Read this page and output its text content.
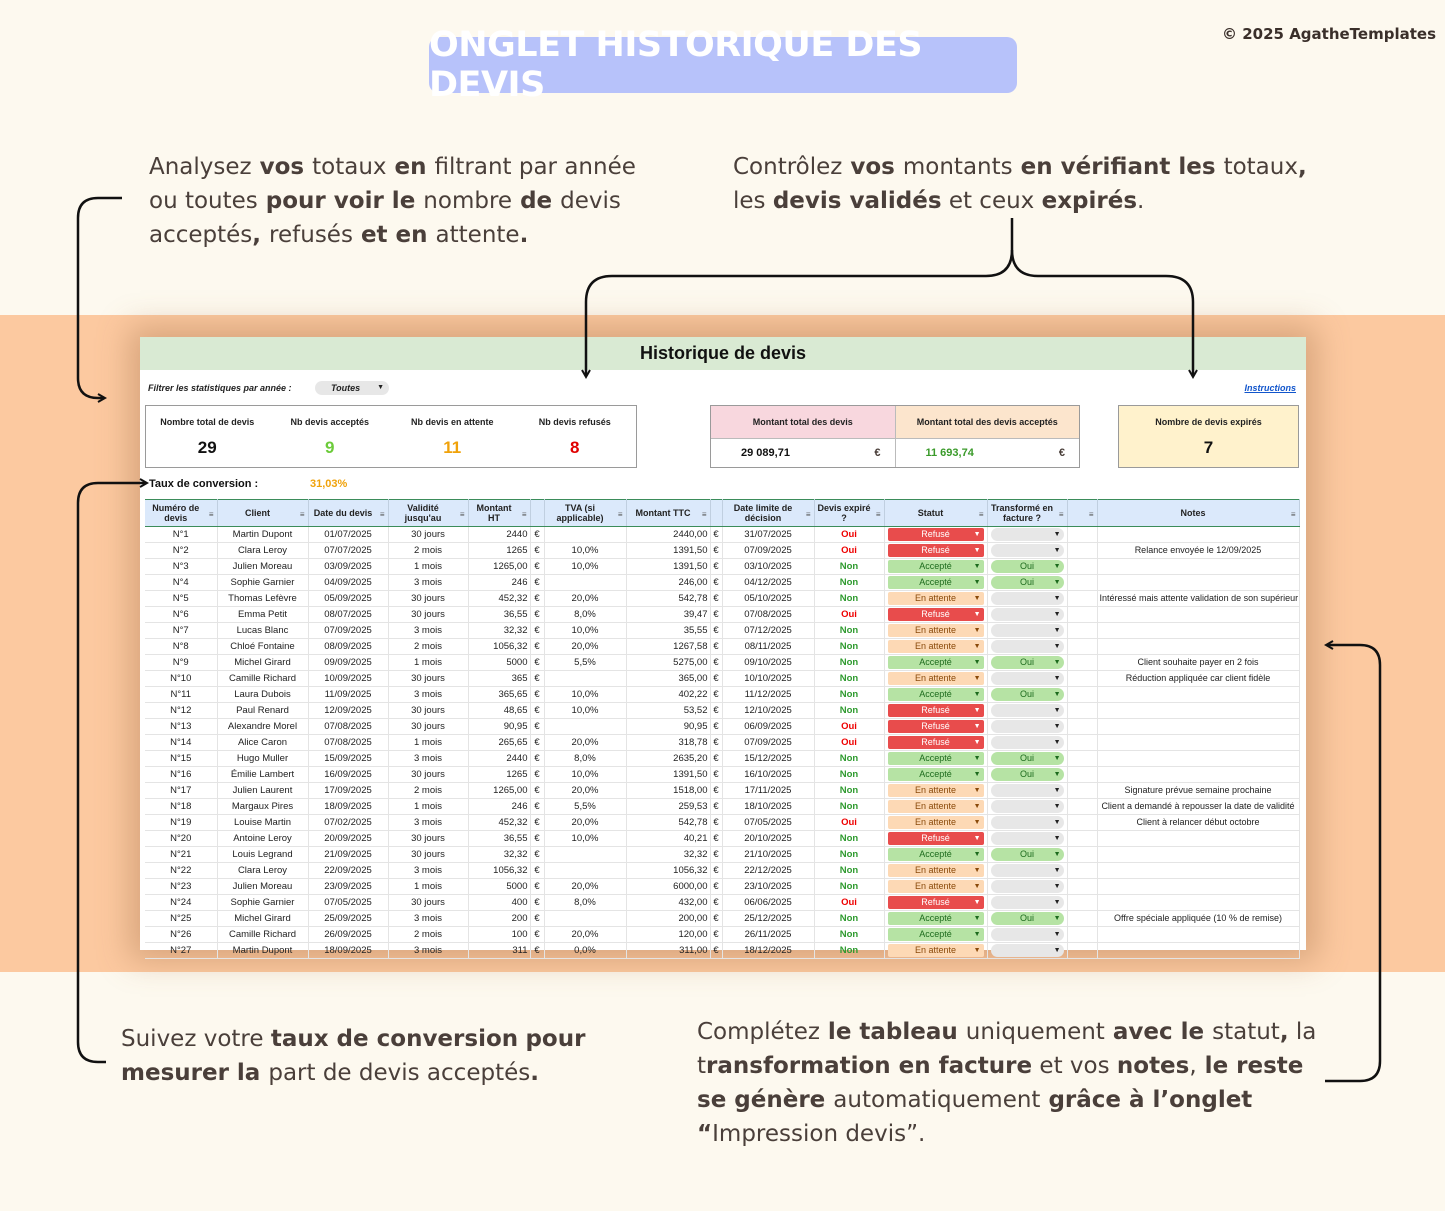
© 2025 AgatheTemplates
ONGLET HISTORIQUE DES DEVIS
Analysez vos totaux en filtrant par année ou toutes pour voir le nombre de devis acceptés, refusés et en attente.
Contrôlez vos montants en vérifiant les totaux, les devis validés et ceux expirés.
Suivez votre taux de conversion pour mesurer la part de devis acceptés.
Complétez le tableau uniquement avec le statut, la transformation en facture et vos notes, le reste se génère automatiquement grâce à l’onglet “Impression devis”.
Historique de devis
Filtrer les statistiques par année :	Toutes ▼	Instructions
Nombre total de devis
29
Nb devis acceptés
9
Nb devis en attente
11
Nb devis refusés
8
Montant total des devis
29 089,71	€
Montant total des devis acceptés
11 693,74	€
Nombre de devis expirés
7
Taux de conversion :	31,03%
Numéro de devis ≡	Client ≡	Date du devis ≡	Validité jusqu'au ≡	Montant HT ≡		TVA (si applicable) ≡	Montant TTC ≡		Date limite de décision ≡	Devis expiré ? ≡	Statut ≡	Transformé en facture ? ≡	≡	Notes ≡

N°1	Martin Dupont	01/07/2025	30 jours	2440	€		2440,00	€	31/07/2025	Oui	Refusé ▼	▼		

N°2	Clara Leroy	07/07/2025	2 mois	1265	€	10,0%	1391,50	€	07/09/2025	Oui	Refusé ▼	▼		Relance envoyée le 12/09/2025
N°3	Julien Moreau	03/09/2025	1 mois	1265,00	€	10,0%	1391,50	€	03/10/2025	Non	Accepté ▼	Oui ▼		

N°4	Sophie Garnier	04/09/2025	3 mois	246	€		246,00	€	04/12/2025	Non	Accepté ▼	Oui ▼		

N°5	Thomas Lefèvre	05/09/2025	30 jours	452,32	€	20,0%	542,78	€	05/10/2025	Non	En attente ▼	▼		Intéressé mais attente validation de son supérieur
N°6	Emma Petit	08/07/2025	30 jours	36,55	€	8,0%	39,47	€	07/08/2025	Oui	Refusé ▼	▼		

N°7	Lucas Blanc	07/09/2025	3 mois	32,32	€	10,0%	35,55	€	07/12/2025	Non	En attente ▼	▼		

N°8	Chloé Fontaine	08/09/2025	2 mois	1056,32	€	20,0%	1267,58	€	08/11/2025	Non	En attente ▼	▼		

N°9	Michel Girard	09/09/2025	1 mois	5000	€	5,5%	5275,00	€	09/10/2025	Non	Accepté ▼	Oui ▼		Client souhaite payer en 2 fois
N°10	Camille Richard	10/09/2025	30 jours	365	€		365,00	€	10/10/2025	Non	En attente ▼	▼		Réduction appliquée car client fidèle
N°11	Laura Dubois	11/09/2025	3 mois	365,65	€	10,0%	402,22	€	11/12/2025	Non	Accepté ▼	Oui ▼		

N°12	Paul Renard	12/09/2025	30 jours	48,65	€	10,0%	53,52	€	12/10/2025	Non	Refusé ▼	▼		

N°13	Alexandre Morel	07/08/2025	30 jours	90,95	€		90,95	€	06/09/2025	Oui	Refusé ▼	▼		

N°14	Alice Caron	07/08/2025	1 mois	265,65	€	20,0%	318,78	€	07/09/2025	Oui	Refusé ▼	▼		

N°15	Hugo Muller	15/09/2025	3 mois	2440	€	8,0%	2635,20	€	15/12/2025	Non	Accepté ▼	Oui ▼		

N°16	Émilie Lambert	16/09/2025	30 jours	1265	€	10,0%	1391,50	€	16/10/2025	Non	Accepté ▼	Oui ▼		

N°17	Julien Laurent	17/09/2025	2 mois	1265,00	€	20,0%	1518,00	€	17/11/2025	Non	En attente ▼	▼		Signature prévue semaine prochaine
N°18	Margaux Pires	18/09/2025	1 mois	246	€	5,5%	259,53	€	18/10/2025	Non	En attente ▼	▼		Client a demandé à repousser la date de validité
N°19	Louise Martin	07/02/2025	3 mois	452,32	€	20,0%	542,78	€	07/05/2025	Oui	En attente ▼	▼		Client à relancer début octobre
N°20	Antoine Leroy	20/09/2025	30 jours	36,55	€	10,0%	40,21	€	20/10/2025	Non	Refusé ▼	▼		

N°21	Louis Legrand	21/09/2025	30 jours	32,32	€		32,32	€	21/10/2025	Non	Accepté ▼	Oui ▼		

N°22	Clara Leroy	22/09/2025	3 mois	1056,32	€		1056,32	€	22/12/2025	Non	En attente ▼	▼		

N°23	Julien Moreau	23/09/2025	1 mois	5000	€	20,0%	6000,00	€	23/10/2025	Non	En attente ▼	▼		

N°24	Sophie Garnier	07/05/2025	30 jours	400	€	8,0%	432,00	€	06/06/2025	Oui	Refusé ▼	▼		

N°25	Michel Girard	25/09/2025	3 mois	200	€		200,00	€	25/12/2025	Non	Accepté ▼	Oui ▼		Offre spéciale appliquée (10 % de remise)
N°26	Camille Richard	26/09/2025	2 mois	100	€	20,0%	120,00	€	26/11/2025	Non	Accepté ▼	▼		

N°27	Martin Dupont	18/09/2025	3 mois	311	€	0,0%	311,00	€	18/12/2025	Non	En attente ▼	▼		
